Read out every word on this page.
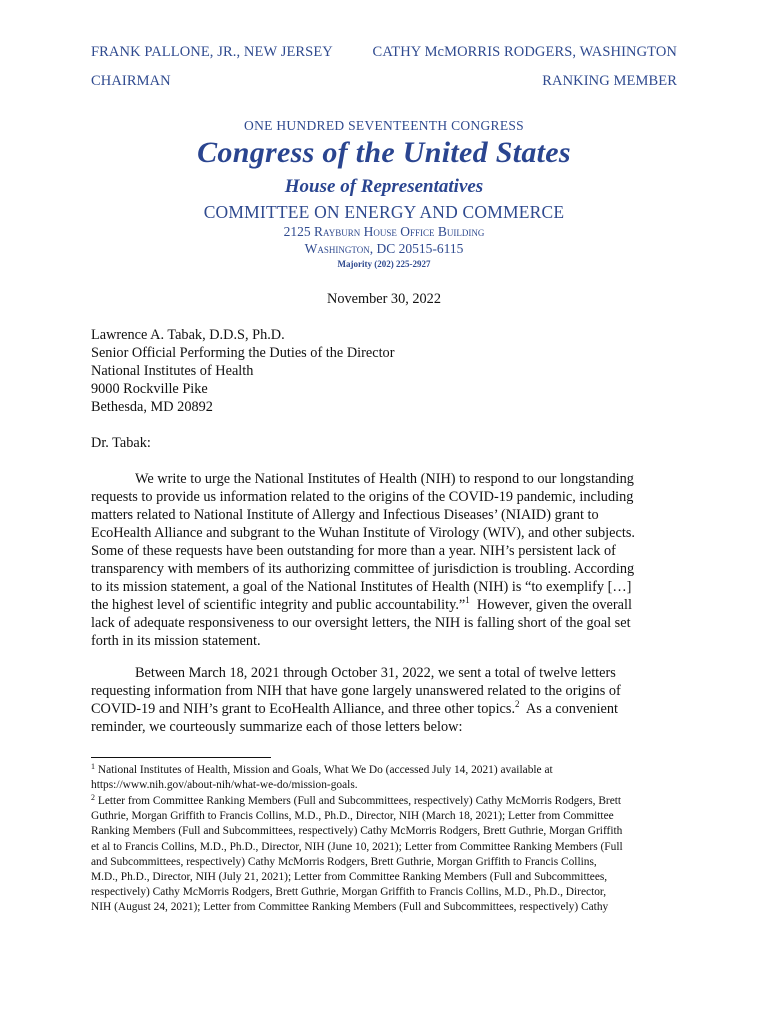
FRANK PALLONE, JR., NEW JERSEY
CHAIRMAN
CATHY McMORRIS RODGERS, WASHINGTON
RANKING MEMBER
ONE HUNDRED SEVENTEENTH CONGRESS
Congress of the United States
House of Representatives
COMMITTEE ON ENERGY AND COMMERCE
2125 Rayburn House Office Building
Washington, DC 20515-6115
Majority (202) 225-2927
November 30, 2022
Lawrence A. Tabak, D.D.S, Ph.D.
Senior Official Performing the Duties of the Director
National Institutes of Health
9000 Rockville Pike
Bethesda, MD 20892
Dr. Tabak:
We write to urge the National Institutes of Health (NIH) to respond to our longstanding
requests to provide us information related to the origins of the COVID-19 pandemic, including
matters related to National Institute of Allergy and Infectious Diseases’ (NIAID) grant to
EcoHealth Alliance and subgrant to the Wuhan Institute of Virology (WIV), and other subjects.
Some of these requests have been outstanding for more than a year. NIH’s persistent lack of
transparency with members of its authorizing committee of jurisdiction is troubling. According
to its mission statement, a goal of the National Institutes of Health (NIH) is “to exemplify […]
the highest level of scientific integrity and public accountability.”$^1$ However, given the overall
lack of adequate responsiveness to our oversight letters, the NIH is falling short of the goal set
forth in its mission statement.
Between March 18, 2021 through October 31, 2022, we sent a total of twelve letters
requesting information from NIH that have gone largely unanswered related to the origins of
COVID-19 and NIH’s grant to EcoHealth Alliance, and three other topics.$^2$ As a convenient
reminder, we courteously summarize each of those letters below:
$^1$ National Institutes of Health, Mission and Goals, What We Do (accessed July 14, 2021) available at
https://www.nih.gov/about-nih/what-we-do/mission-goals.
$^2$ Letter from Committee Ranking Members (Full and Subcommittees, respectively) Cathy McMorris Rodgers, Brett
Guthrie, Morgan Griffith to Francis Collins, M.D., Ph.D., Director, NIH (March 18, 2021); Letter from Committee
Ranking Members (Full and Subcommittees, respectively) Cathy McMorris Rodgers, Brett Guthrie, Morgan Griffith
et al to Francis Collins, M.D., Ph.D., Director, NIH (June 10, 2021); Letter from Committee Ranking Members (Full
and Subcommittees, respectively) Cathy McMorris Rodgers, Brett Guthrie, Morgan Griffith to Francis Collins,
M.D., Ph.D., Director, NIH (July 21, 2021); Letter from Committee Ranking Members (Full and Subcommittees,
respectively) Cathy McMorris Rodgers, Brett Guthrie, Morgan Griffith to Francis Collins, M.D., Ph.D., Director,
NIH (August 24, 2021); Letter from Committee Ranking Members (Full and Subcommittees, respectively) Cathy
